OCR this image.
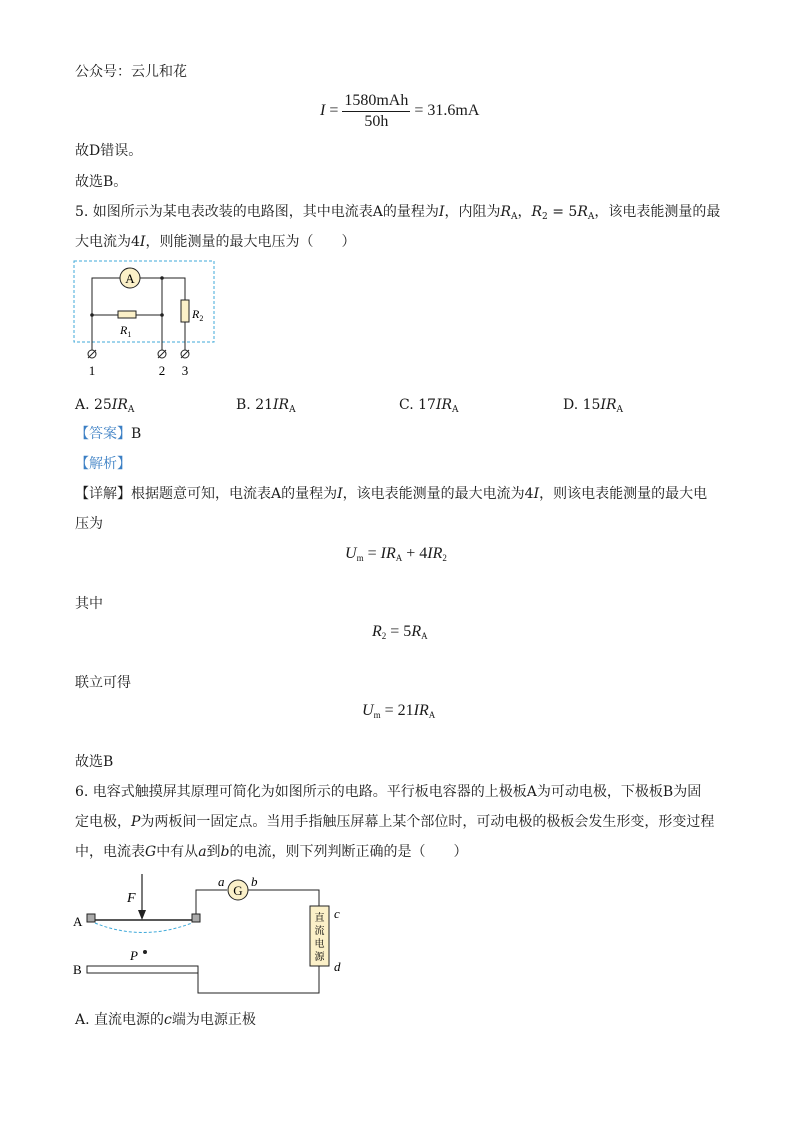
公众号：云儿和花
$I = \frac{\text{1580mAh}}{50h} = 31.6mA$
故D错误。
故选B。
5. 如图所示为某电表改装的电路图，其中电流表A的量程为I，内阻为$R_A$，$R_2 = 5R_A$，该电表能测量的最
大电流为4I，则能测量的最大电压为（　　）
A
$R_1$
$R_2$
1	2 3
A. $25IR_A$	B. $21IR_A$	C. $17IR_A$	D. $15IR_A$
【答案】B
【解析】
【详解】根据题意可知，电流表A的量程为I，该电表能测量的最大电流为4I，则该电表能测量的最大电
压为
$U_m = IR_A + 4IR_2$
其中
$R_2 = 5R_A$
联立可得
$U_m = 21IR_A$
故选B
6. 电容式触摸屏其原理可简化为如图所示的电路。平行板电容器的上极板A为可动电极，下极板B为固
定电极，P为两板间一固定点。当用手指触压屏幕上某个部位时，可动电极的极板会发生形变，形变过程
中，电流表G中有从a到b的电流，则下列判断正确的是（　　）
F
A
G
a b
直
流
电
源
c
d
B
P
A. 直流电源的c端为电源正极
